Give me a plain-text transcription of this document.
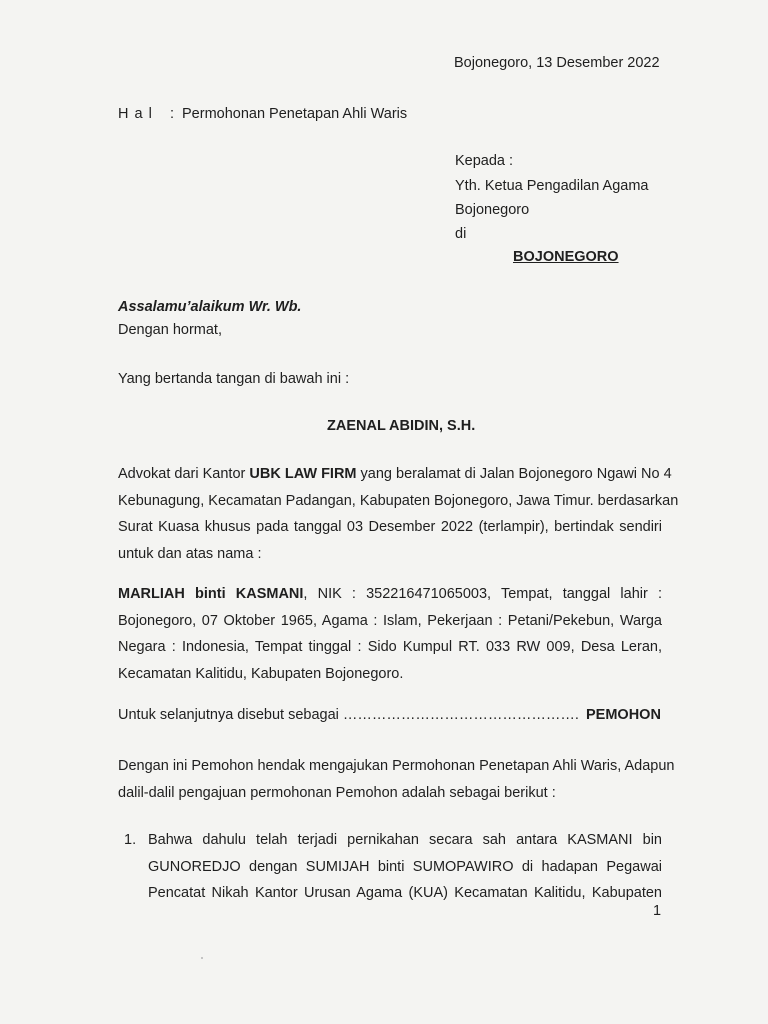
Bojonegoro, 13 Desember 2022
H a l : Permohonan Penetapan Ahli Waris
Kepada :
Yth. Ketua Pengadilan Agama
Bojonegoro
di
BOJONEGORO
Assalamu’alaikum Wr. Wb.
Dengan hormat,
Yang bertanda tangan di bawah ini :
ZAENAL ABIDIN, S.H.
Advokat dari Kantor UBK LAW FIRM yang beralamat di Jalan Bojonegoro Ngawi No 4
Kebunagung, Kecamatan Padangan, Kabupaten Bojonegoro, Jawa Timur. berdasarkan
Surat Kuasa khusus pada tanggal 03 Desember 2022 (terlampir), bertindak sendiri
untuk dan atas nama :
MARLIAH binti KASMANI, NIK : 352216471065003, Tempat, tanggal lahir :
Bojonegoro, 07 Oktober 1965, Agama : Islam, Pekerjaan : Petani/Pekebun, Warga
Negara : Indonesia, Tempat tinggal : Sido Kumpul RT. 033 RW 009, Desa Leran,
Kecamatan Kalitidu, Kabupaten Bojonegoro.
Untuk selanjutnya disebut sebagai …………………………………………. PEMOHON
Dengan ini Pemohon hendak mengajukan Permohonan Penetapan Ahli Waris, Adapun
dalil-dalil pengajuan permohonan Pemohon adalah sebagai berikut :
1. Bahwa dahulu telah terjadi pernikahan secara sah antara KASMANI bin
GUNOREDJO dengan SUMIJAH binti SUMOPAWIRO di hadapan Pegawai
Pencatat Nikah Kantor Urusan Agama (KUA) Kecamatan Kalitidu, Kabupaten
1
